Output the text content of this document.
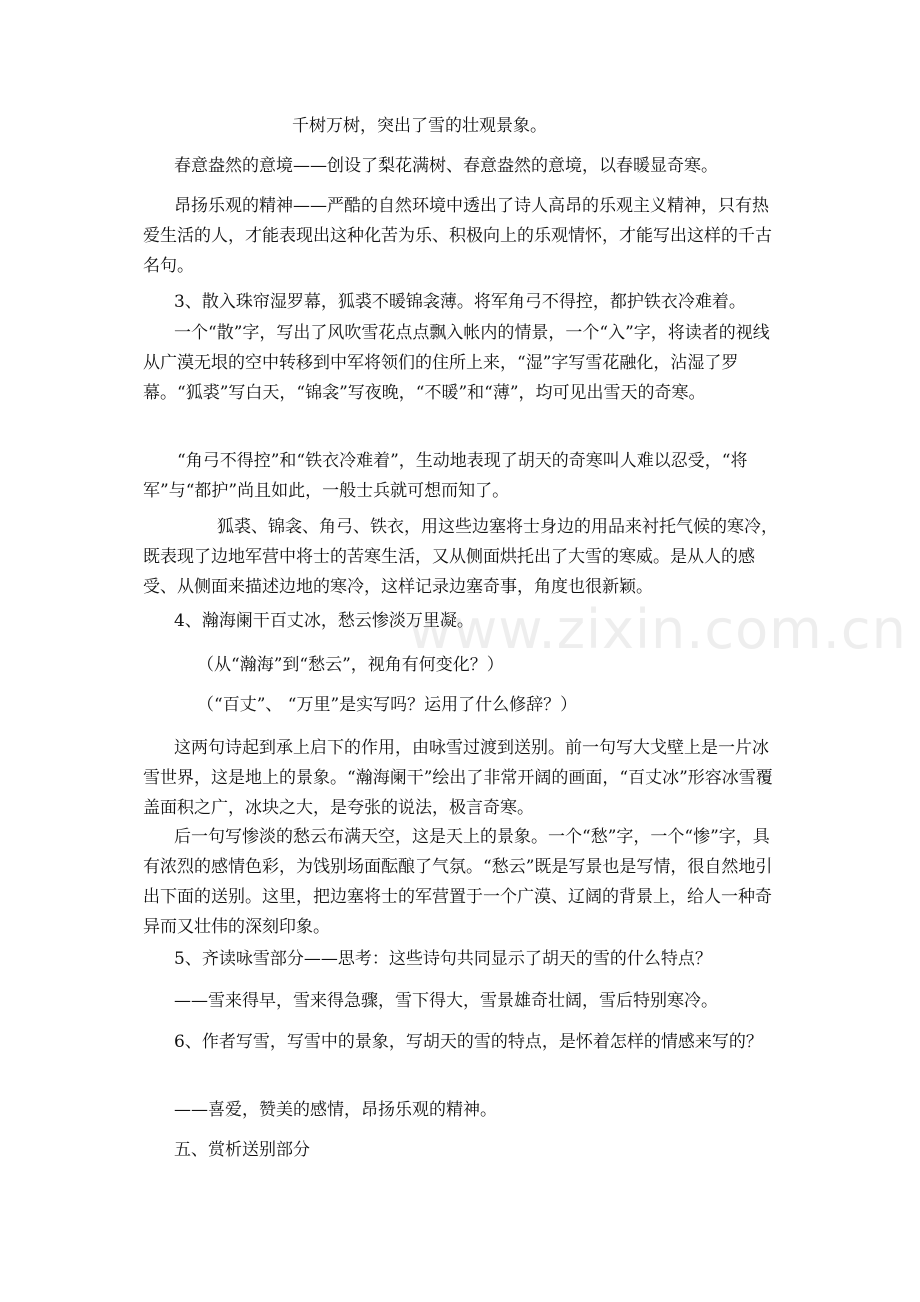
千树万树，突出了雪的壮观景象。

春意盎然的意境——创设了梨花满树、春意盎然的意境，以春暖显奇寒。

昂扬乐观的精神——严酷的自然环境中透出了诗人高昂的乐观主义精神，只有热爱生活的人，才能表现出这种化苦为乐、积极向上的乐观情怀，才能写出这样的千古名句。

3、散入珠帘湿罗幕，狐裘不暖锦衾薄。将军角弓不得控，都护铁衣冷难着。

一个“散”字，写出了风吹雪花点点飘入帐内的情景，一个“入”字，将读者的视线从广漠无垠的空中转移到中军将领们的住所上来，“湿”字写雪花融化，沾湿了罗幕。“狐裘”写白天，“锦衾”写夜晚，“不暖”和“薄”，均可见出雪天的奇寒。

“角弓不得控”和“铁衣冷难着”，生动地表现了胡天的奇寒叫人难以忍受，“将军”与“都护”尚且如此，一般士兵就可想而知了。

狐裘、锦衾、角弓、铁衣，用这些边塞将士身边的用品来衬托气候的寒冷，既表现了边地军营中将士的苦寒生活，又从侧面烘托出了大雪的寒威。是从人的感受、从侧面来描述边地的寒冷，这样记录边塞奇事，角度也很新颖。

4、瀚海阑干百丈冰，愁云惨淡万里凝。

（从“瀚海”到“愁云”，视角有何变化？）

（“百丈”、 “万里”是实写吗？运用了什么修辞？）

这两句诗起到承上启下的作用，由咏雪过渡到送别。前一句写大戈壁上是一片冰雪世界，这是地上的景象。“瀚海阑干”绘出了非常开阔的画面，“百丈冰”形容冰雪覆盖面积之广，冰块之大，是夸张的说法，极言奇寒。

后一句写惨淡的愁云布满天空，这是天上的景象。一个“愁”字，一个“惨”字，具有浓烈的感情色彩，为饯别场面酝酿了气氛。“愁云”既是写景也是写情，很自然地引出下面的送别。这里，把边塞将士的军营置于一个广漠、辽阔的背景上，给人一种奇异而又壮伟的深刻印象。

5、齐读咏雪部分——思考：这些诗句共同显示了胡天的雪的什么特点？

——雪来得早，雪来得急骤，雪下得大，雪景雄奇壮阔，雪后特别寒冷。

6、作者写雪，写雪中的景象，写胡天的雪的特点，是怀着怎样的情感来写的？

——喜爱，赞美的感情，昂扬乐观的精神。

五、赏析送别部分

www.zixin.com.cn
